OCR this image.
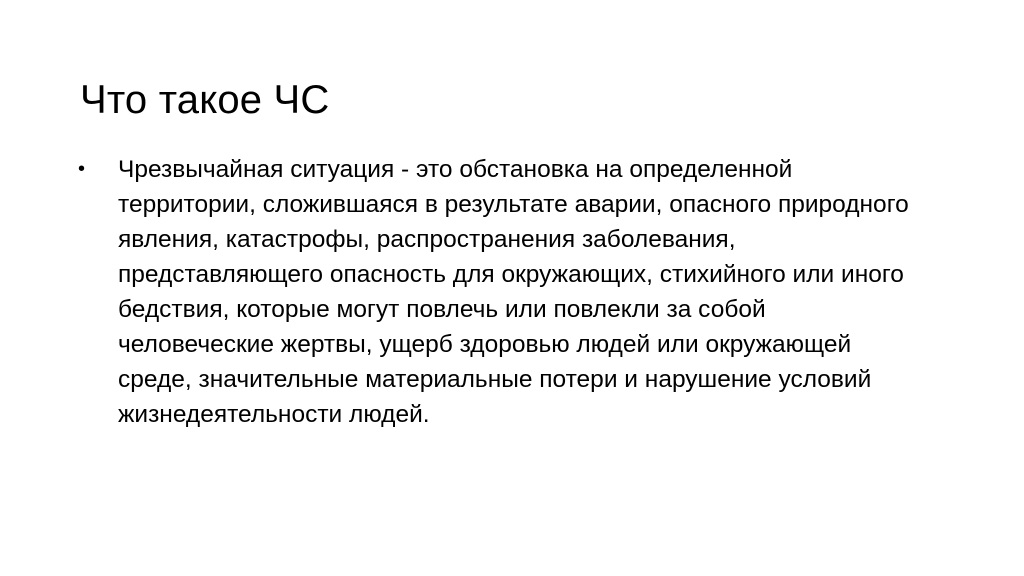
Что такое ЧС
• Чрезвычайная ситуация - это обстановка на определенной территории, сложившаяся в результате аварии, опасного природного явления, катастрофы, распространения заболевания, представляющего опасность для окружающих, стихийного или иного бедствия, которые могут повлечь или повлекли за собой человеческие жертвы, ущерб здоровью людей или окружающей среде, значительные материальные потери и нарушение условий жизнедеятельности людей.
